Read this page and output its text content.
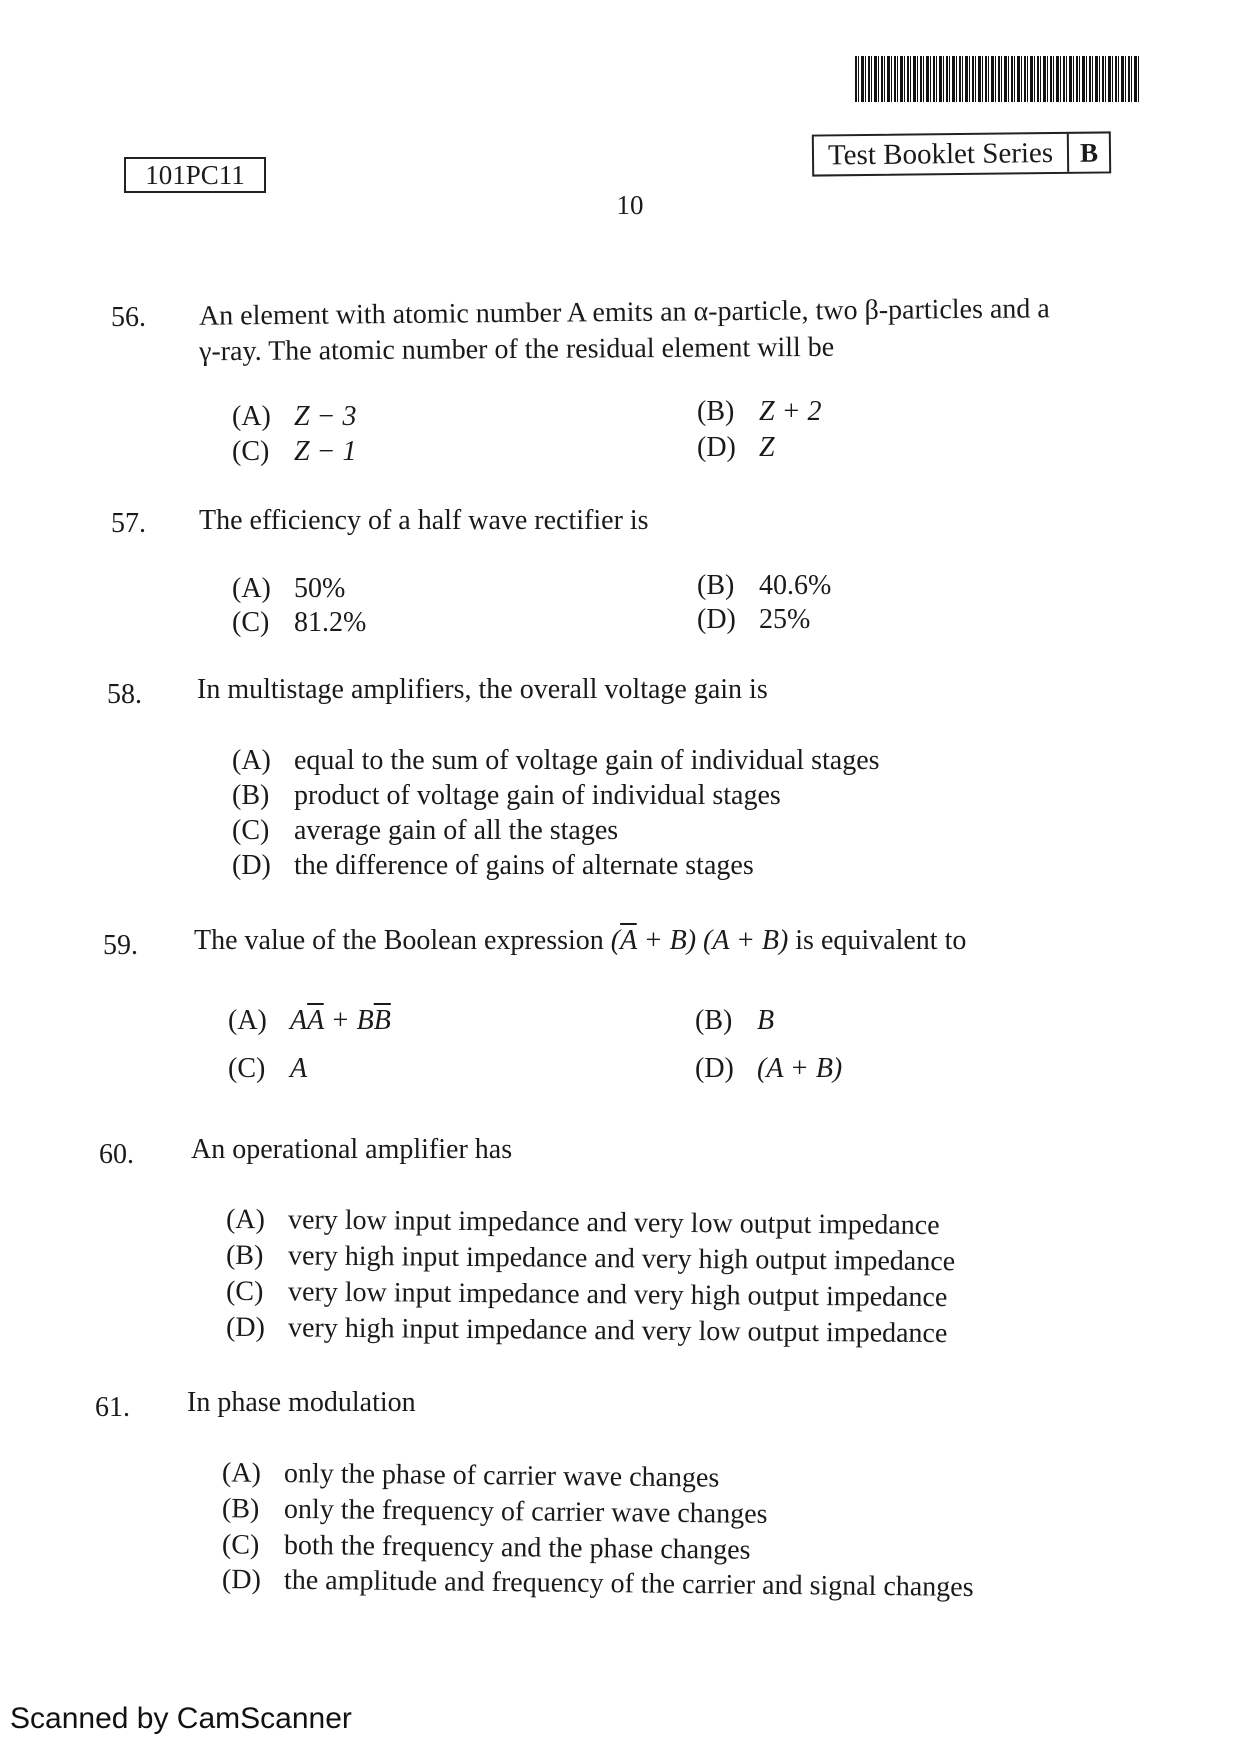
101PC11
Test Booklet Series B
10
56. An element with atomic number A emits an α-particle, two β-particles and a
γ-ray. The atomic number of the residual element will be
(A) Z − 3	(B) Z + 2
(C) Z − 1	(D) Z
57. The efficiency of a half wave rectifier is
(A) 50%	(B) 40.6%
(C) 81.2%	(D) 25%
58. In multistage amplifiers, the overall voltage gain is
(A) equal to the sum of voltage gain of individual stages
(B) product of voltage gain of individual stages
(C) average gain of all the stages
(D) the difference of gains of alternate stages
59. The value of the Boolean expression $(\overline{A} + B) (A + B)$ is equivalent to
(A) $A\overline{A} + B\overline{B}$	(B) B
(C) A	(D) (A + B)
60. An operational amplifier has
(A) very low input impedance and very low output impedance
(B) very high input impedance and very high output impedance
(C) very low input impedance and very high output impedance
(D) very high input impedance and very low output impedance
61. In phase modulation
(A) only the phase of carrier wave changes
(B) only the frequency of carrier wave changes
(C) both the frequency and the phase changes
(D) the amplitude and frequency of the carrier and signal changes
Scanned by CamScanner
